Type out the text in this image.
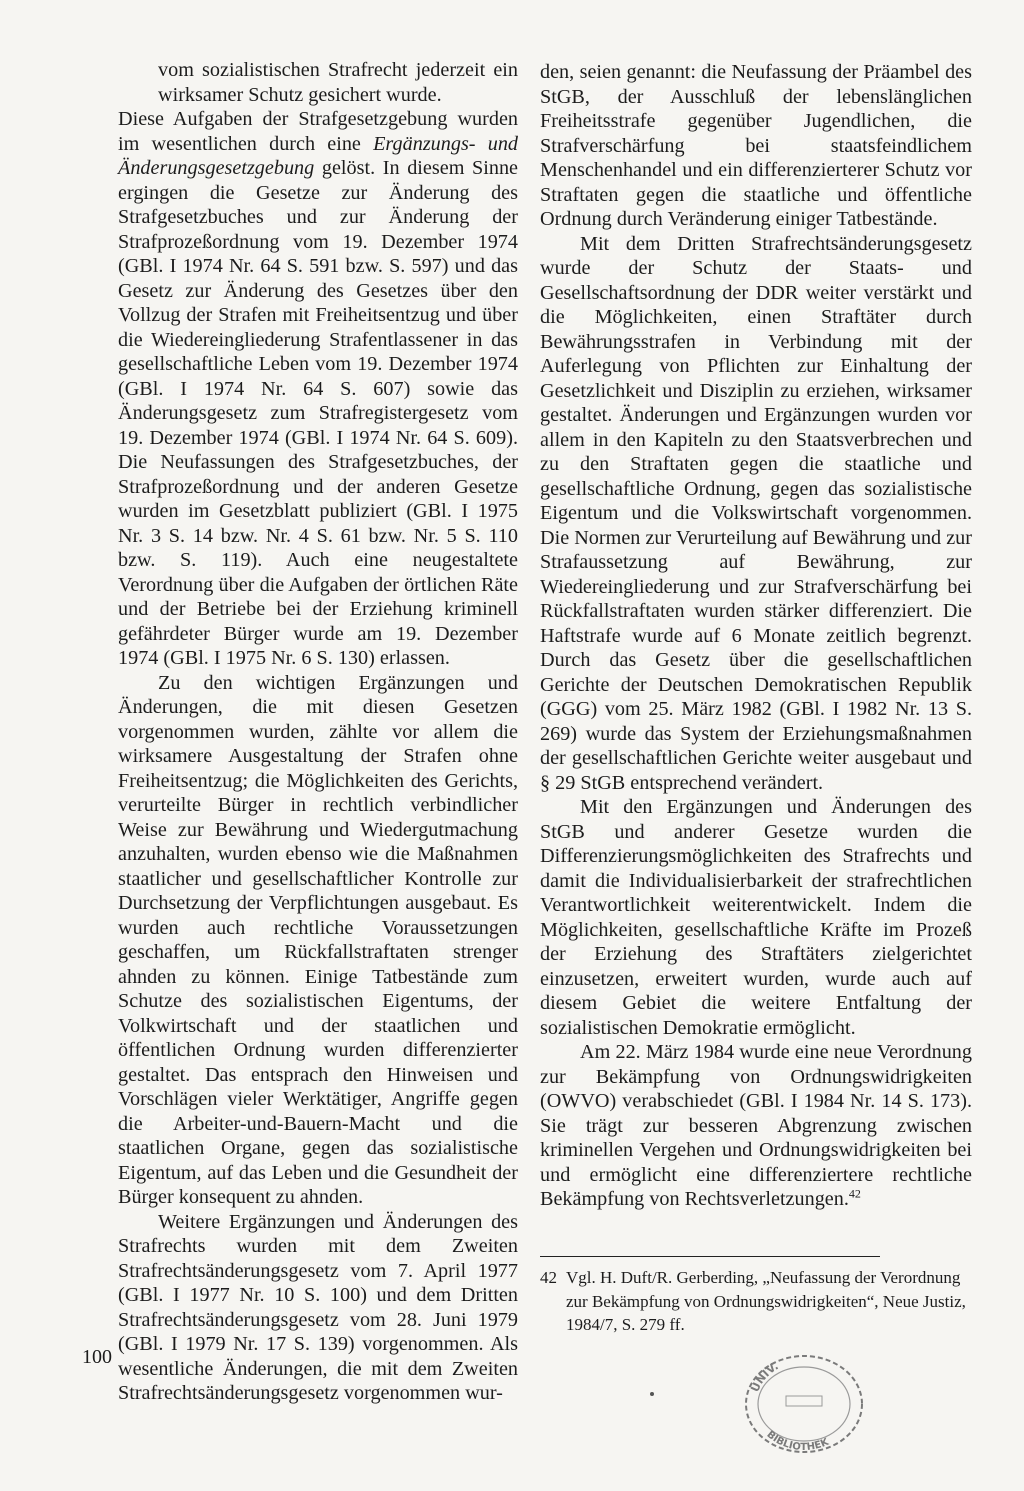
vom sozialistischen Strafrecht jederzeit ein wirksamer Schutz gesichert wurde.

Diese Aufgaben der Strafgesetzgebung wurden im wesentlichen durch eine Ergänzungs- und Änderungsgesetzgebung gelöst. In diesem Sinne ergingen die Gesetze zur Änderung des Strafgesetzbuches und zur Änderung der Strafprozeßordnung vom 19. Dezember 1974 (GBl. I 1974 Nr. 64 S. 591 bzw. S. 597) und das Gesetz zur Änderung des Gesetzes über den Vollzug der Strafen mit Freiheitsentzug und über die Wiedereingliederung Strafentlassener in das gesellschaftliche Leben vom 19. Dezember 1974 (GBl. I 1974 Nr. 64 S. 607) sowie das Änderungsgesetz zum Strafregistergesetz vom 19. Dezember 1974 (GBl. I 1974 Nr. 64 S. 609). Die Neufassungen des Strafgesetzbuches, der Strafprozeßordnung und der anderen Gesetze wurden im Gesetzblatt publiziert (GBl. I 1975 Nr. 3 S. 14 bzw. Nr. 4 S. 61 bzw. Nr. 5 S. 110 bzw. S. 119). Auch eine neugestaltete Verordnung über die Aufgaben der örtlichen Räte und der Betriebe bei der Erziehung kriminell gefährdeter Bürger wurde am 19. Dezember 1974 (GBl. I 1975 Nr. 6 S. 130) erlassen.

Zu den wichtigen Ergänzungen und Änderungen, die mit diesen Gesetzen vorgenommen wurden, zählte vor allem die wirksamere Ausgestaltung der Strafen ohne Freiheitsentzug; die Möglichkeiten des Gerichts, verurteilte Bürger in rechtlich verbindlicher Weise zur Bewährung und Wiedergutmachung anzuhalten, wurden ebenso wie die Maßnahmen staatlicher und gesellschaftlicher Kontrolle zur Durchsetzung der Verpflichtungen ausgebaut. Es wurden auch rechtliche Voraussetzungen geschaffen, um Rückfallstraftaten strenger ahnden zu können. Einige Tatbestände zum Schutze des sozialistischen Eigentums, der Volkwirtschaft und der staatlichen und öffentlichen Ordnung wurden differenzierter gestaltet. Das entsprach den Hinweisen und Vorschlägen vieler Werktätiger, Angriffe gegen die Arbeiter-und-Bauern-Macht und die staatlichen Organe, gegen das sozialistische Eigentum, auf das Leben und die Gesundheit der Bürger konsequent zu ahnden.

Weitere Ergänzungen und Änderungen des Strafrechts wurden mit dem Zweiten Strafrechtsänderungsgesetz vom 7. April 1977 (GBl. I 1977 Nr. 10 S. 100) und dem Dritten Strafrechtsänderungsgesetz vom 28. Juni 1979 (GBl. I 1979 Nr. 17 S. 139) vorgenommen. Als wesentliche Änderungen, die mit dem Zweiten Strafrechtsänderungsgesetz vorgenommen wur-

den, seien genannt: die Neufassung der Präambel des StGB, der Ausschluß der lebenslänglichen Freiheitsstrafe gegenüber Jugendlichen, die Strafverschärfung bei staatsfeindlichem Menschenhandel und ein differenzierterer Schutz vor Straftaten gegen die staatliche und öffentliche Ordnung durch Veränderung einiger Tatbestände.

Mit dem Dritten Strafrechtsänderungsgesetz wurde der Schutz der Staats- und Gesellschaftsordnung der DDR weiter verstärkt und die Möglichkeiten, einen Straftäter durch Bewährungsstrafen in Verbindung mit der Auferlegung von Pflichten zur Einhaltung der Gesetzlichkeit und Disziplin zu erziehen, wirksamer gestaltet. Änderungen und Ergänzungen wurden vor allem in den Kapiteln zu den Staatsverbrechen und zu den Straftaten gegen die staatliche und gesellschaftliche Ordnung, gegen das sozialistische Eigentum und die Volkswirtschaft vorgenommen. Die Normen zur Verurteilung auf Bewährung und zur Strafaussetzung auf Bewährung, zur Wiedereingliederung und zur Strafverschärfung bei Rückfallstraftaten wurden stärker differenziert. Die Haftstrafe wurde auf 6 Monate zeitlich begrenzt. Durch das Gesetz über die gesellschaftlichen Gerichte der Deutschen Demokratischen Republik (GGG) vom 25. März 1982 (GBl. I 1982 Nr. 13 S. 269) wurde das System der Erziehungsmaßnahmen der gesellschaftlichen Gerichte weiter ausgebaut und § 29 StGB entsprechend verändert.

Mit den Ergänzungen und Änderungen des StGB und anderer Gesetze wurden die Differenzierungsmöglichkeiten des Strafrechts und damit die Individualisierbarkeit der strafrechtlichen Verantwortlichkeit weiterentwickelt. Indem die Möglichkeiten, gesellschaftliche Kräfte im Prozeß der Erziehung des Straftäters zielgerichtet einzusetzen, erweitert wurden, wurde auch auf diesem Gebiet die weitere Entfaltung der sozialistischen Demokratie ermöglicht.

Am 22. März 1984 wurde eine neue Verordnung zur Bekämpfung von Ordnungswidrigkeiten (OWVO) verabschiedet (GBl. I 1984 Nr. 14 S. 173). Sie trägt zur besseren Abgrenzung zwischen kriminellen Vergehen und Ordnungswidrigkeiten bei und ermöglicht eine differenziertere rechtliche Bekämpfung von Rechtsverletzungen.$^{42}$

42 Vgl. H. Duft/R. Gerberding, „Neufassung der Verordnung zur Bekämpfung von Ordnungswidrigkeiten“, Neue Justiz, 1984/7, S. 279 ff.
100
UNIV.
BIBLIOTHEK
